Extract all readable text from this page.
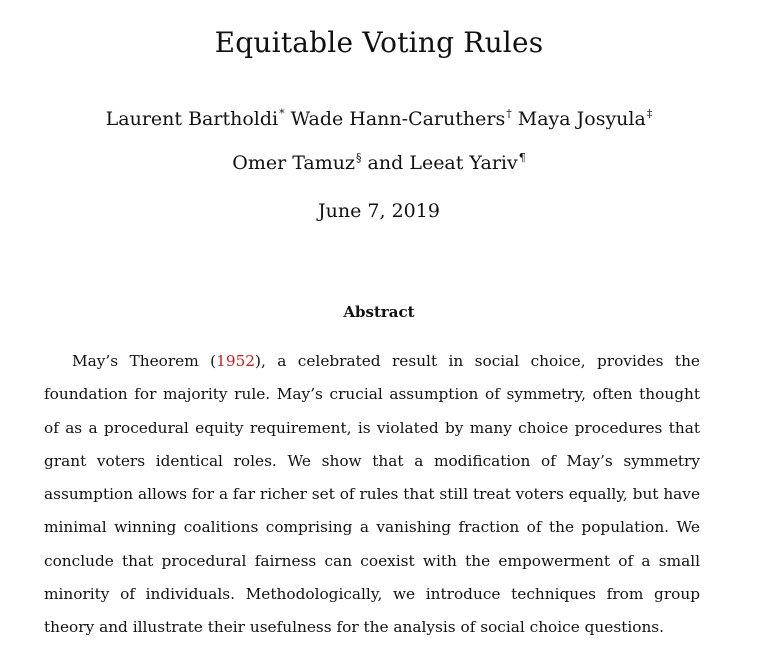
Equitable Voting Rules
Laurent Bartholdi* Wade Hann-Caruthers† Maya Josyula‡
Omer Tamuz§ and Leeat Yariv¶
June 7, 2019
Abstract

May’s Theorem (1952), a celebrated result in social choice, provides the foundation for majority rule. May’s crucial assumption of symmetry, often thought of as a procedural equity requirement, is violated by many choice procedures that grant voters identical roles. We show that a modification of May’s symmetry assumption allows for a far richer set of rules that still treat voters equally, but have minimal winning coalitions comprising a vanishing fraction of the population. We conclude that procedural fairness can coexist with the empowerment of a small minority of individuals. Methodologically, we introduce techniques from group theory and illustrate their usefulness for the analysis of social choice questions.
